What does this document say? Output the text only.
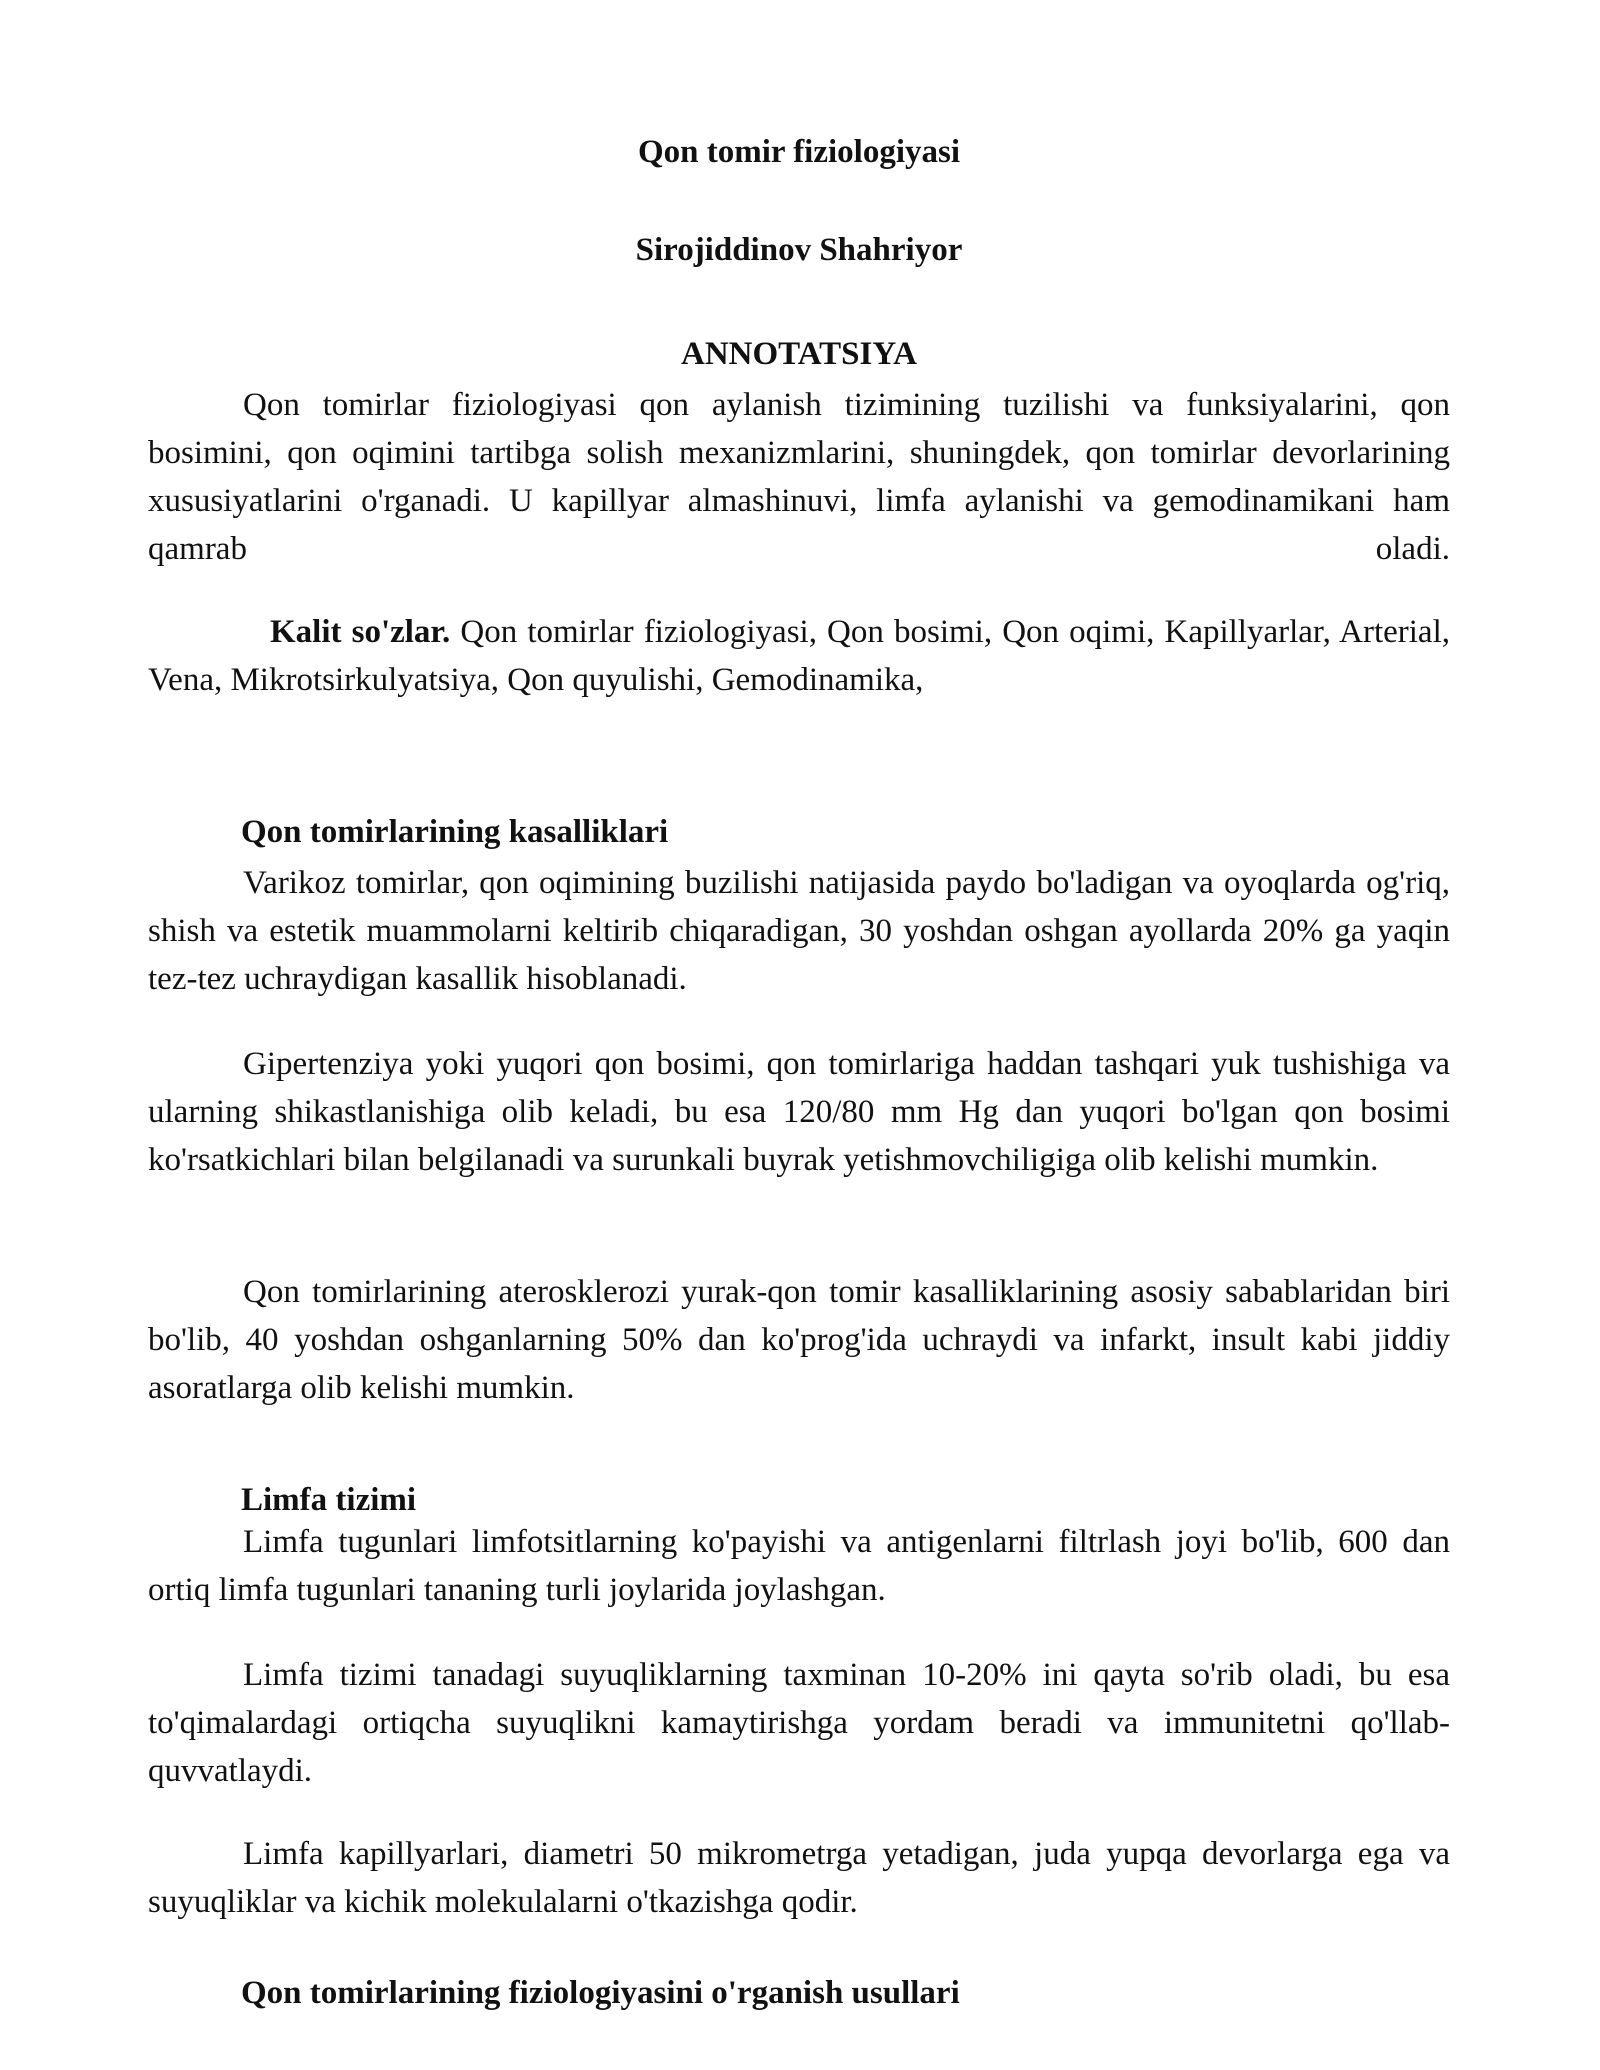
Qon tomir fiziologiyasi

Sirojiddinov Shahriyor

ANNOTATSIYA

Qon tomirlar fiziologiyasi qon aylanish tizimining tuzilishi va funksiyalarini, qon bosimini, qon oqimini tartibga solish mexanizmlarini, shuningdek, qon tomirlar devorlarining xususiyatlarini o'rganadi. U kapillyar almashinuvi, limfa aylanishi va gemodinamikani ham qamrab oladi.

Kalit so'zlar. Qon tomirlar fiziologiyasi, Qon bosimi, Qon oqimi, Kapillyarlar, Arterial, Vena, Mikrotsirkulyatsiya, Qon quyulishi, Gemodinamika,

Qon tomirlarining kasalliklari

Varikoz tomirlar, qon oqimining buzilishi natijasida paydo bo'ladigan va oyoqlarda og'riq, shish va estetik muammolarni keltirib chiqaradigan, 30 yoshdan oshgan ayollarda 20% ga yaqin tez-tez uchraydigan kasallik hisoblanadi.

Gipertenziya yoki yuqori qon bosimi, qon tomirlariga haddan tashqari yuk tushishiga va ularning shikastlanishiga olib keladi, bu esa 120/80 mm Hg dan yuqori bo'lgan qon bosimi ko'rsatkichlari bilan belgilanadi va surunkali buyrak yetishmovchiligiga olib kelishi mumkin.

Qon tomirlarining aterosklerozi yurak-qon tomir kasalliklarining asosiy sabablaridan biri bo'lib, 40 yoshdan oshganlarning 50% dan ko'prog'ida uchraydi va infarkt, insult kabi jiddiy asoratlarga olib kelishi mumkin.

Limfa tizimi

Limfa tugunlari limfotsitlarning ko'payishi va antigenlarni filtrlash joyi bo'lib, 600 dan ortiq limfa tugunlari tananing turli joylarida joylashgan.

Limfa tizimi tanadagi suyuqliklarning taxminan 10-20% ini qayta so'rib oladi, bu esa to'qimalardagi ortiqcha suyuqlikni kamaytirishga yordam beradi va immunitetni qo'llab-quvvatlaydi.

Limfa kapillyarlari, diametri 50 mikrometrga yetadigan, juda yupqa devorlarga ega va suyuqliklar va kichik molekulalarni o'tkazishga qodir.

Qon tomirlarining fiziologiyasini o'rganish usullari
